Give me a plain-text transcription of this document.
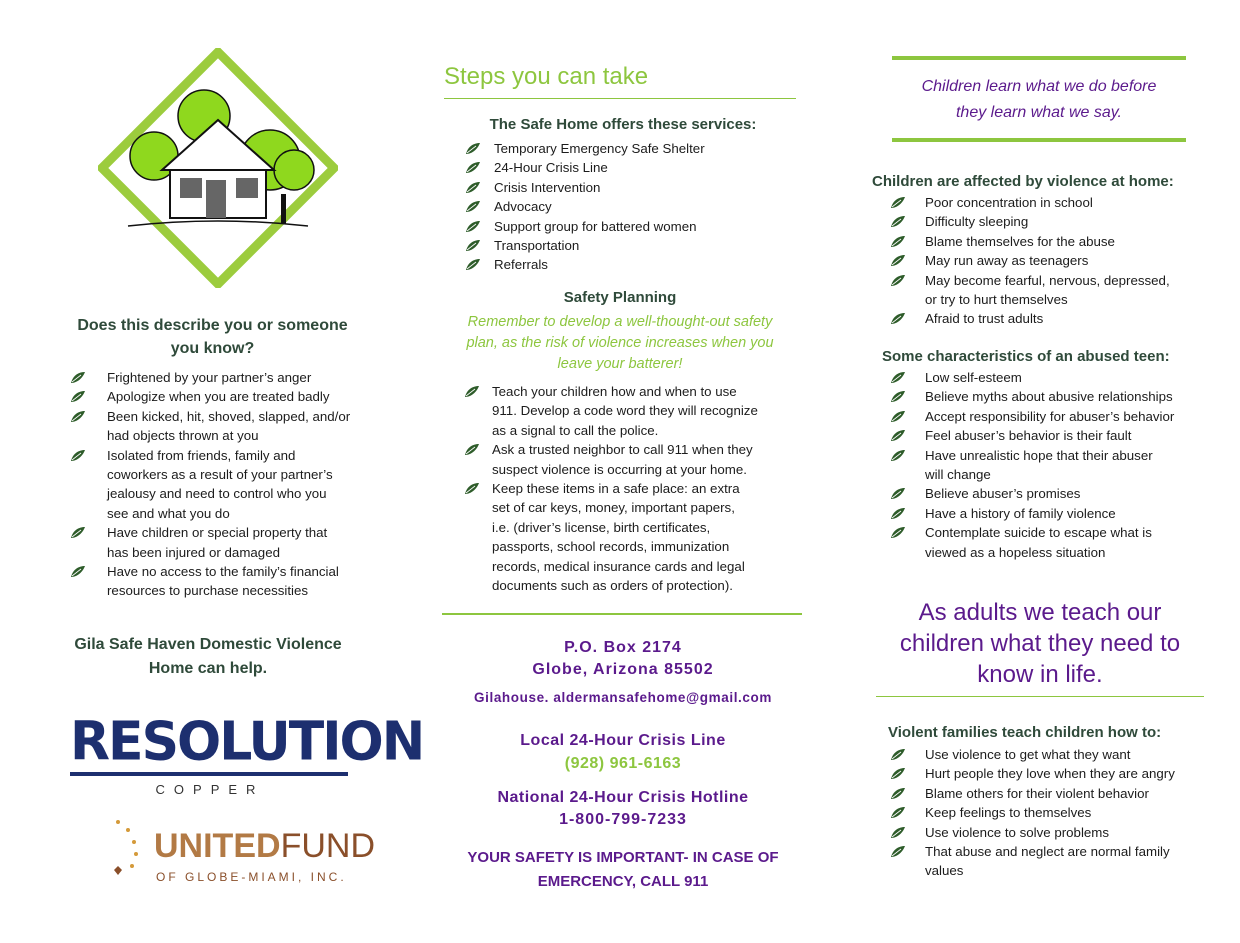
Does this describe you or someone
you know?
Frightened by your partner’s anger
Apologize when you are treated badly
Been kicked, hit, shoved, slapped, and/or
had objects thrown at you
Isolated from friends, family and
coworkers as a result of your partner’s
jealousy and need to control who you
see and what you do
Have children or special property that
has been injured or damaged
Have no access to the family’s financial
resources to purchase necessities
Gila Safe Haven Domestic Violence
Home can help.
RESOLUTION
COPPER
UNITEDFUND
OF GLOBE-MIAMI, INC.
Steps you can take
The Safe Home offers these services:
Temporary Emergency Safe Shelter
24-Hour Crisis Line
Crisis Intervention
Advocacy
Support group for battered women
Transportation
Referrals
Safety Planning
Remember to develop a well-thought-out safety
plan, as the risk of violence increases when you
leave your batterer!
Teach your children how and when to use
911. Develop a code word they will recognize
as a signal to call the police.
Ask a trusted neighbor to call 911 when they
suspect violence is occurring at your home.
Keep these items in a safe place: an extra
set of car keys, money, important papers,
i.e. (driver’s license, birth certificates,
passports, school records, immunization
records, medical insurance cards and legal
documents such as orders of protection).
P.O. Box 2174
Globe, Arizona 85502
Gilahouse. aldermansafehome@gmail.com
Local 24-Hour Crisis Line
(928) 961-6163
National 24-Hour Crisis Hotline
1-800-799-7233
YOUR SAFETY IS IMPORTANT- IN CASE OF
EMERCENCY, CALL 911
Children learn what we do before
they learn what we say.
Children are affected by violence at home:
Poor concentration in school
Difficulty sleeping
Blame themselves for the abuse
May run away as teenagers
May become fearful, nervous, depressed,
or try to hurt themselves
Afraid to trust adults
Some characteristics of an abused teen:
Low self-esteem
Believe myths about abusive relationships
Accept responsibility for abuser’s behavior
Feel abuser’s behavior is their fault
Have unrealistic hope that their abuser
will change
Believe abuser’s promises
Have a history of family violence
Contemplate suicide to escape what is
viewed as a hopeless situation
As adults we teach our
children what they need to
know in life.
Violent families teach children how to:
Use violence to get what they want
Hurt people they love when they are angry
Blame others for their violent behavior
Keep feelings to themselves
Use violence to solve problems
That abuse and neglect are normal family
values
